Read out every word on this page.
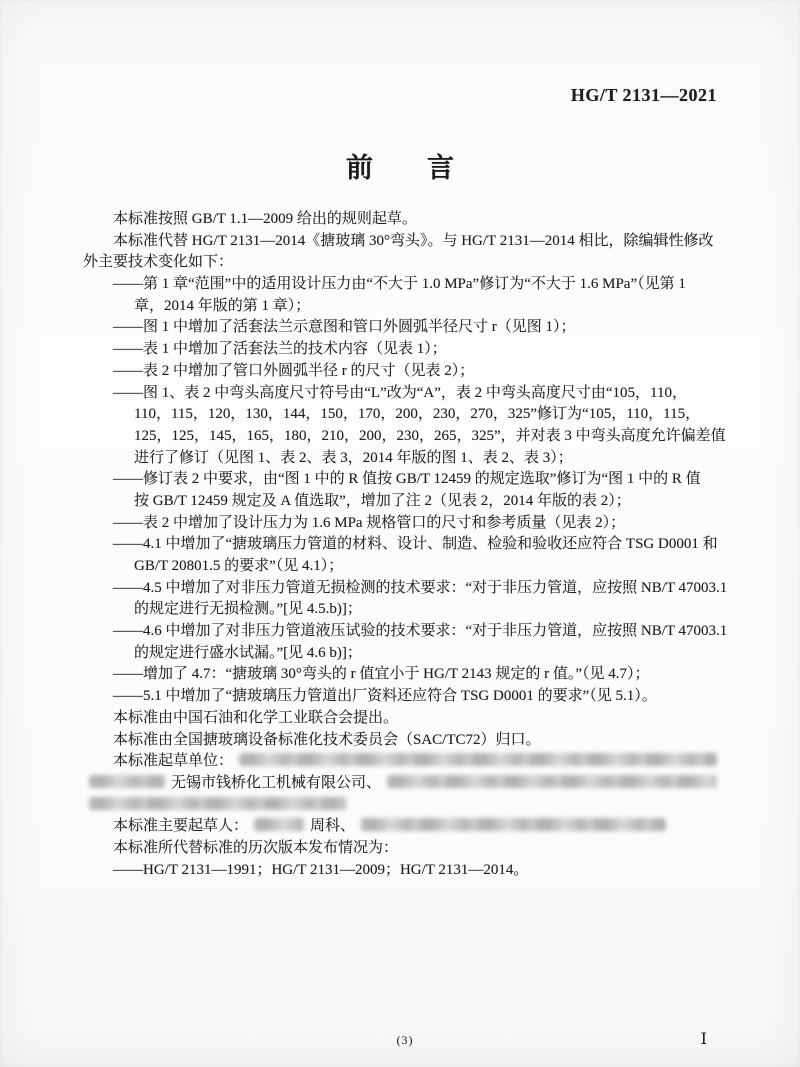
HG/T 2131—2021
前　　言
本标准按照 GB/T 1.1—2009 给出的规则起草。
本标准代替 HG/T 2131—2014《搪玻璃 30°弯头》。与 HG/T 2131—2014 相比，除编辑性修改
外主要技术变化如下：
——第 1 章“范围”中的适用设计压力由“不大于 1.0 MPa”修订为“不大于 1.6 MPa”（见第 1
章，2014 年版的第 1 章）；
——图 1 中增加了活套法兰示意图和管口外圆弧半径尺寸 r（见图 1）；
——表 1 中增加了活套法兰的技术内容（见表 1）；
——表 2 中增加了管口外圆弧半径 r 的尺寸（见表 2）；
——图 1、表 2 中弯头高度尺寸符号由“L”改为“A”，表 2 中弯头高度尺寸由“105，110，
110，115，120，130，144，150，170，200，230，270，325”修订为“105，110，115，
125，125，145，165，180，210，200，230，265，325”，并对表 3 中弯头高度允许偏差值
进行了修订（见图 1、表 2、表 3，2014 年版的图 1、表 2、表 3）；
——修订表 2 中要求，由“图 1 中的 R 值按 GB/T 12459 的规定选取”修订为“图 1 中的 R 值
按 GB/T 12459 规定及 A 值选取”，增加了注 2（见表 2，2014 年版的表 2）；
——表 2 中增加了设计压力为 1.6 MPa 规格管口的尺寸和参考质量（见表 2）；
——4.1 中增加了“搪玻璃压力管道的材料、设计、制造、检验和验收还应符合 TSG D0001 和
GB/T 20801.5 的要求”（见 4.1）；
——4.5 中增加了对非压力管道无损检测的技术要求：“对于非压力管道，应按照 NB/T 47003.1
的规定进行无损检测。”[见 4.5.b)]；
——4.6 中增加了对非压力管道液压试验的技术要求：“对于非压力管道，应按照 NB/T 47003.1
的规定进行盛水试漏。”[见 4.6 b)]；
——增加了 4.7：“搪玻璃 30°弯头的 r 值宜小于 HG/T 2143 规定的 r 值。”（见 4.7）；
——5.1 中增加了“搪玻璃压力管道出厂资料还应符合 TSG D0001 的要求”（见 5.1）。
本标准由中国石油和化学工业联合会提出。
本标准由全国搪玻璃设备标准化技术委员会（SAC/TC72）归口。
本标准起草单位：
无锡市钱桥化工机械有限公司、
本标准主要起草人：	周科、
本标准所代替标准的历次版本发布情况为：
——HG/T 2131—1991；HG/T 2131—2009；HG/T 2131—2014。
(3)	Ⅰ
